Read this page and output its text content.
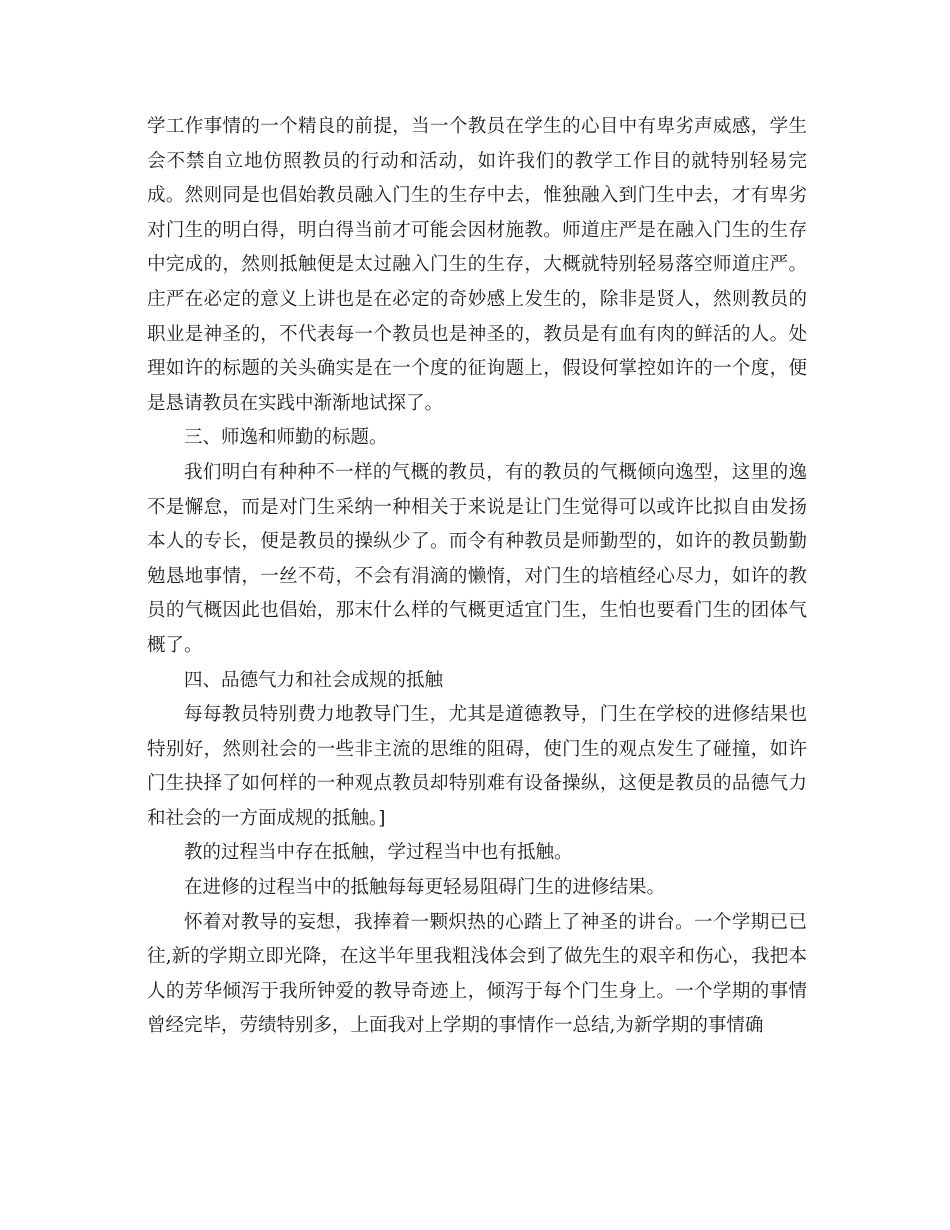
学工作事情的一个精良的前提，当一个教员在学生的心目中有卑劣声威感，学生会不禁自立地仿照教员的行动和活动，如许我们的教学工作目的就特别轻易完成。然则同是也倡始教员融入门生的生存中去，惟独融入到门生中去，才有卑劣对门生的明白得，明白得当前才可能会因材施教。师道庄严是在融入门生的生存中完成的，然则抵触便是太过融入门生的生存，大概就特别轻易落空师道庄严。庄严在必定的意义上讲也是在必定的奇妙感上发生的，除非是贤人，然则教员的职业是神圣的，不代表每一个教员也是神圣的，教员是有血有肉的鲜活的人。处理如许的标题的关头确实是在一个度的征询题上，假设何掌控如许的一个度，便是恳请教员在实践中渐渐地试探了。

三、师逸和师勤的标题。

我们明白有种种不一样的气概的教员，有的教员的气概倾向逸型，这里的逸不是懈怠，而是对门生采纳一种相关于来说是让门生觉得可以或许比拟自由发扬本人的专长，便是教员的操纵少了。而令有种教员是师勤型的，如许的教员勤勤勉恳地事情，一丝不苟，不会有涓滴的懒惰，对门生的培植经心尽力，如许的教员的气概因此也倡始，那末什么样的气概更适宜门生，生怕也要看门生的团体气概了。

四、品德气力和社会成规的抵触

每每教员特别费力地教导门生，尤其是道德教导，门生在学校的进修结果也特别好，然则社会的一些非主流的思维的阻碍，使门生的观点发生了碰撞，如许门生抉择了如何样的一种观点教员却特别难有设备操纵，这便是教员的品德气力和社会的一方面成规的抵触。]

教的过程当中存在抵触，学过程当中也有抵触。

在进修的过程当中的抵触每每更轻易阻碍门生的进修结果。

怀着对教导的妄想，我捧着一颗炽热的心踏上了神圣的讲台。一个学期已已往,新的学期立即光降，在这半年里我粗浅体会到了做先生的艰辛和伤心，我把本人的芳华倾泻于我所钟爱的教导奇迹上，倾泻于每个门生身上。一个学期的事情曾经完毕，劳绩特别多，上面我对上学期的事情作一总结,为新学期的事情确
